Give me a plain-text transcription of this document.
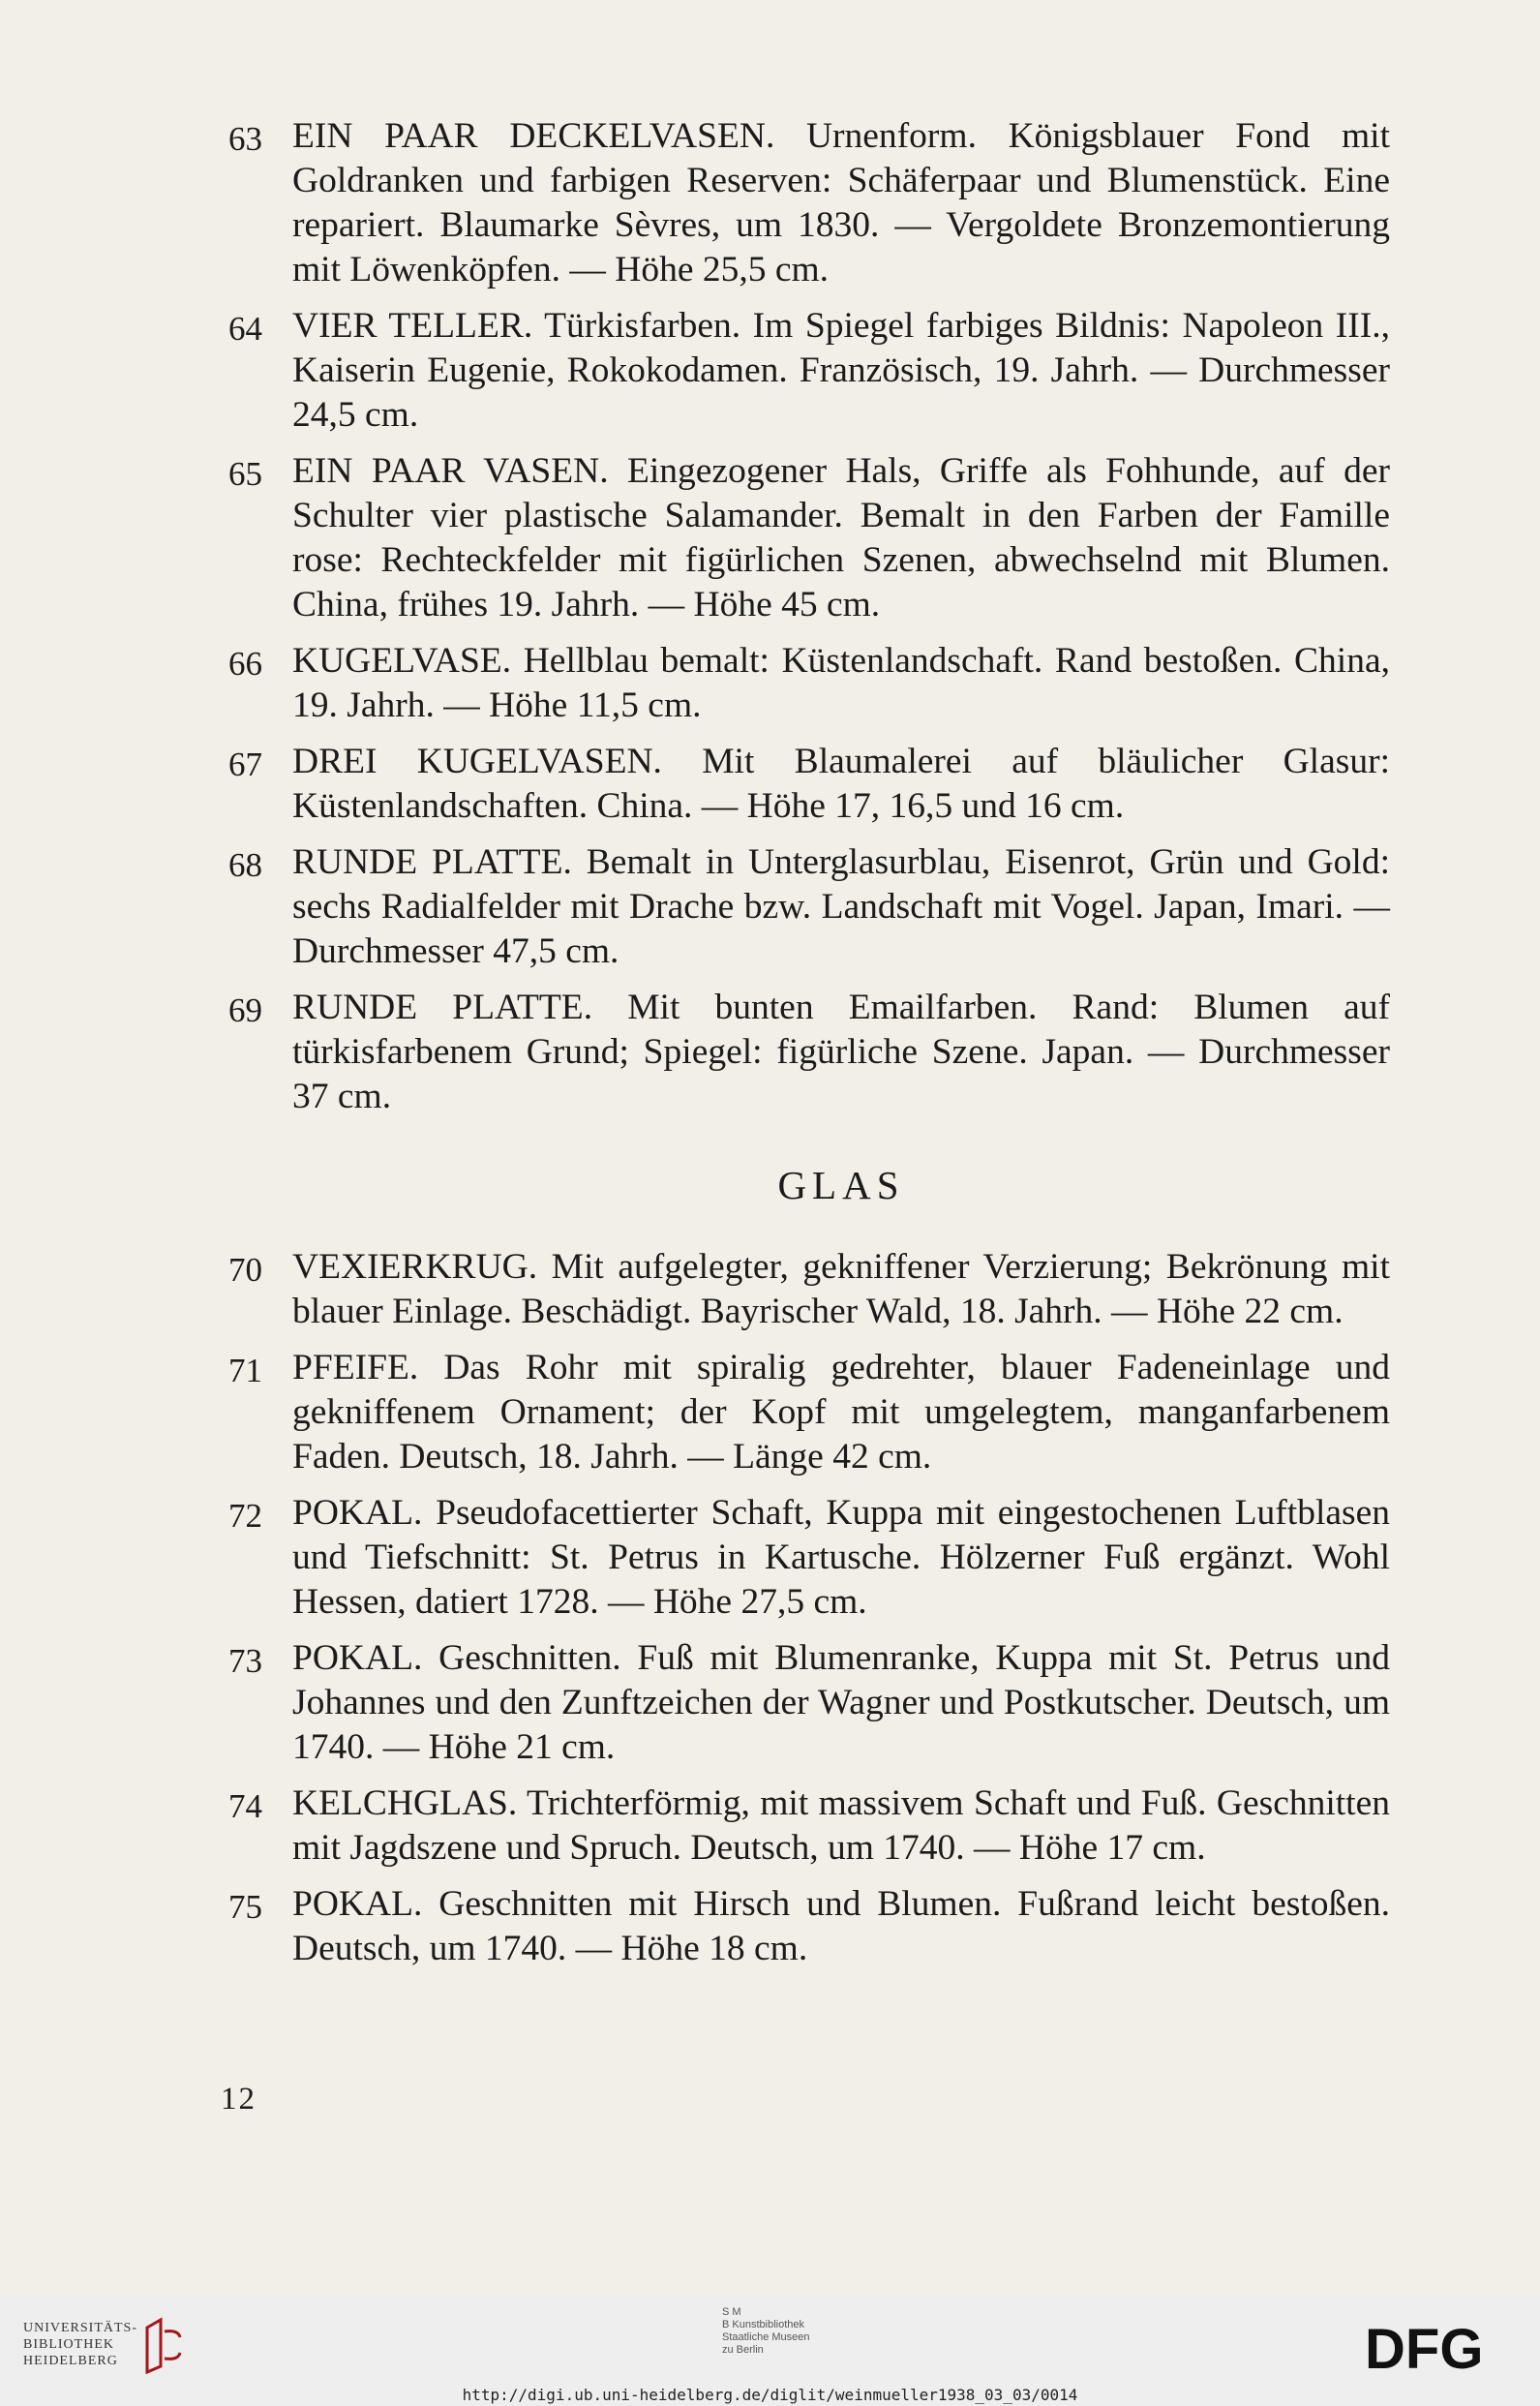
63 EIN PAAR DECKELVASEN. Urnenform. Königsblauer Fond mit Goldranken und farbigen Reserven: Schäferpaar und Blumenstück. Eine repariert. Blaumarke Sèvres, um 1830. — Vergoldete Bronzemontierung mit Löwenköpfen. — Höhe 25,5 cm.
64 VIER TELLER. Türkisfarben. Im Spiegel farbiges Bildnis: Napoleon III., Kaiserin Eugenie, Rokokodamen. Französisch, 19. Jahrh. — Durchmesser 24,5 cm.
65 EIN PAAR VASEN. Eingezogener Hals, Griffe als Fohhunde, auf der Schulter vier plastische Salamander. Bemalt in den Farben der Famille rose: Rechteckfelder mit figürlichen Szenen, abwechselnd mit Blumen. China, frühes 19. Jahrh. — Höhe 45 cm.
66 KUGELVASE. Hellblau bemalt: Küstenlandschaft. Rand bestoßen. China, 19. Jahrh. — Höhe 11,5 cm.
67 DREI KUGELVASEN. Mit Blaumalerei auf bläulicher Glasur: Küstenlandschaften. China. — Höhe 17, 16,5 und 16 cm.
68 RUNDE PLATTE. Bemalt in Unterglasurblau, Eisenrot, Grün und Gold: sechs Radialfelder mit Drache bzw. Landschaft mit Vogel. Japan, Imari. — Durchmesser 47,5 cm.
69 RUNDE PLATTE. Mit bunten Emailfarben. Rand: Blumen auf türkisfarbenem Grund; Spiegel: figürliche Szene. Japan. — Durchmesser 37 cm.
GLAS
70 VEXIERKRUG. Mit aufgelegter, gekniffener Verzierung; Bekrönung mit blauer Einlage. Beschädigt. Bayrischer Wald, 18. Jahrh. — Höhe 22 cm.
71 PFEIFE. Das Rohr mit spiralig gedrehter, blauer Fadeneinlage und gekniffenem Ornament; der Kopf mit umgelegtem, manganfarbenem Faden. Deutsch, 18. Jahrh. — Länge 42 cm.
72 POKAL. Pseudofacettierter Schaft, Kuppa mit eingestochenen Luftblasen und Tiefschnitt: St. Petrus in Kartusche. Hölzerner Fuß ergänzt. Wohl Hessen, datiert 1728. — Höhe 27,5 cm.
73 POKAL. Geschnitten. Fuß mit Blumenranke, Kuppa mit St. Petrus und Johannes und den Zunftzeichen der Wagner und Postkutscher. Deutsch, um 1740. — Höhe 21 cm.
74 KELCHGLAS. Trichterförmig, mit massivem Schaft und Fuß. Geschnitten mit Jagdszene und Spruch. Deutsch, um 1740. — Höhe 17 cm.
75 POKAL. Geschnitten mit Hirsch und Blumen. Fußrand leicht bestoßen. Deutsch, um 1740. — Höhe 18 cm.
12
UNIVERSITÄTS-
BIBLIOTHEK
HEIDELBERG
S M
B Kunstbibliothek
Staatliche Museen
zu Berlin	DFG
http://digi.ub.uni-heidelberg.de/diglit/weinmueller1938_03_03/0014
